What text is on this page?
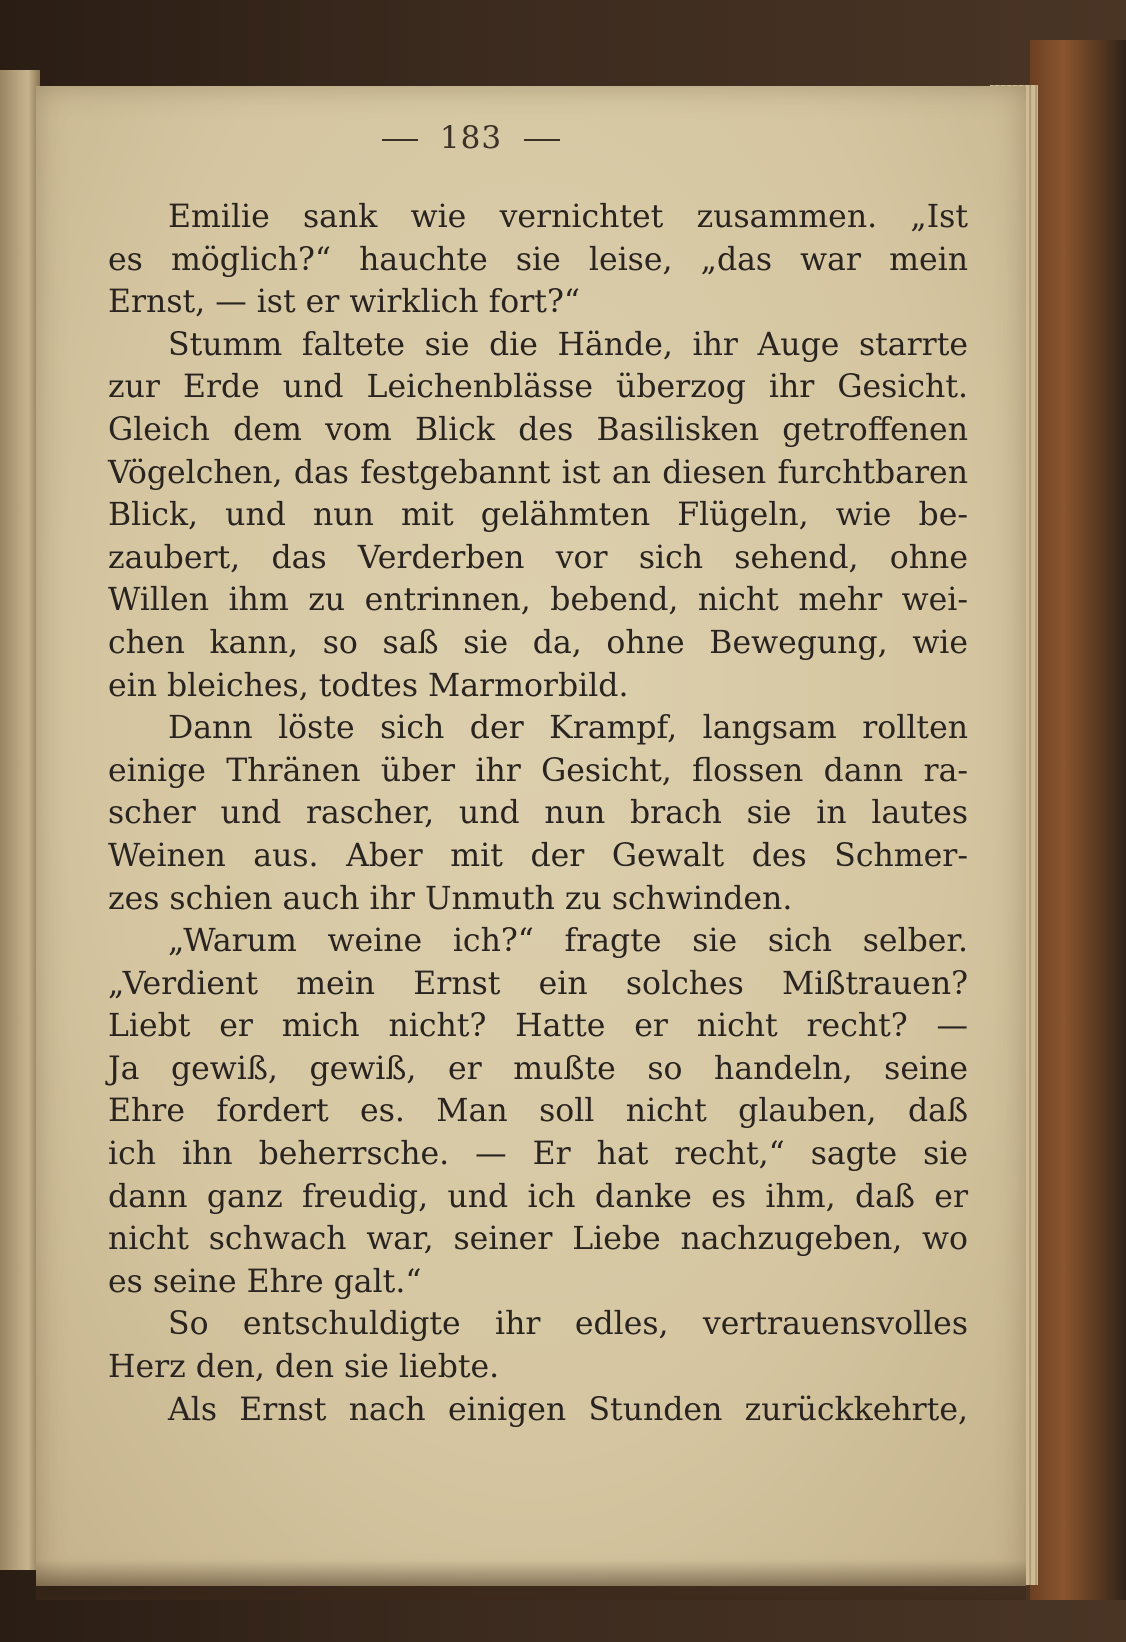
183
Emilie sank wie vernichtet zusammen. „Ist
es möglich?“ hauchte sie leise, „das war mein
Ernst, — ist er wirklich fort?“
Stumm faltete sie die Hände, ihr Auge starrte
zur Erde und Leichenblässe überzog ihr Gesicht.
Gleich dem vom Blick des Basilisken getroffenen
Vögelchen, das festgebannt ist an diesen furchtbaren
Blick, und nun mit gelähmten Flügeln, wie be-
zaubert, das Verderben vor sich sehend, ohne
Willen ihm zu entrinnen, bebend, nicht mehr wei-
chen kann, so saß sie da, ohne Bewegung, wie
ein bleiches, todtes Marmorbild.
Dann löste sich der Krampf, langsam rollten
einige Thränen über ihr Gesicht, flossen dann ra-
scher und rascher, und nun brach sie in lautes
Weinen aus. Aber mit der Gewalt des Schmer-
zes schien auch ihr Unmuth zu schwinden.
„Warum weine ich?“ fragte sie sich selber.
„Verdient mein Ernst ein solches Mißtrauen?
Liebt er mich nicht? Hatte er nicht recht? —
Ja gewiß, gewiß, er mußte so handeln, seine
Ehre fordert es. Man soll nicht glauben, daß
ich ihn beherrsche. — Er hat recht,“ sagte sie
dann ganz freudig, und ich danke es ihm, daß er
nicht schwach war, seiner Liebe nachzugeben, wo
es seine Ehre galt.“
So entschuldigte ihr edles, vertrauensvolles
Herz den, den sie liebte.
Als Ernst nach einigen Stunden zurückkehrte,
